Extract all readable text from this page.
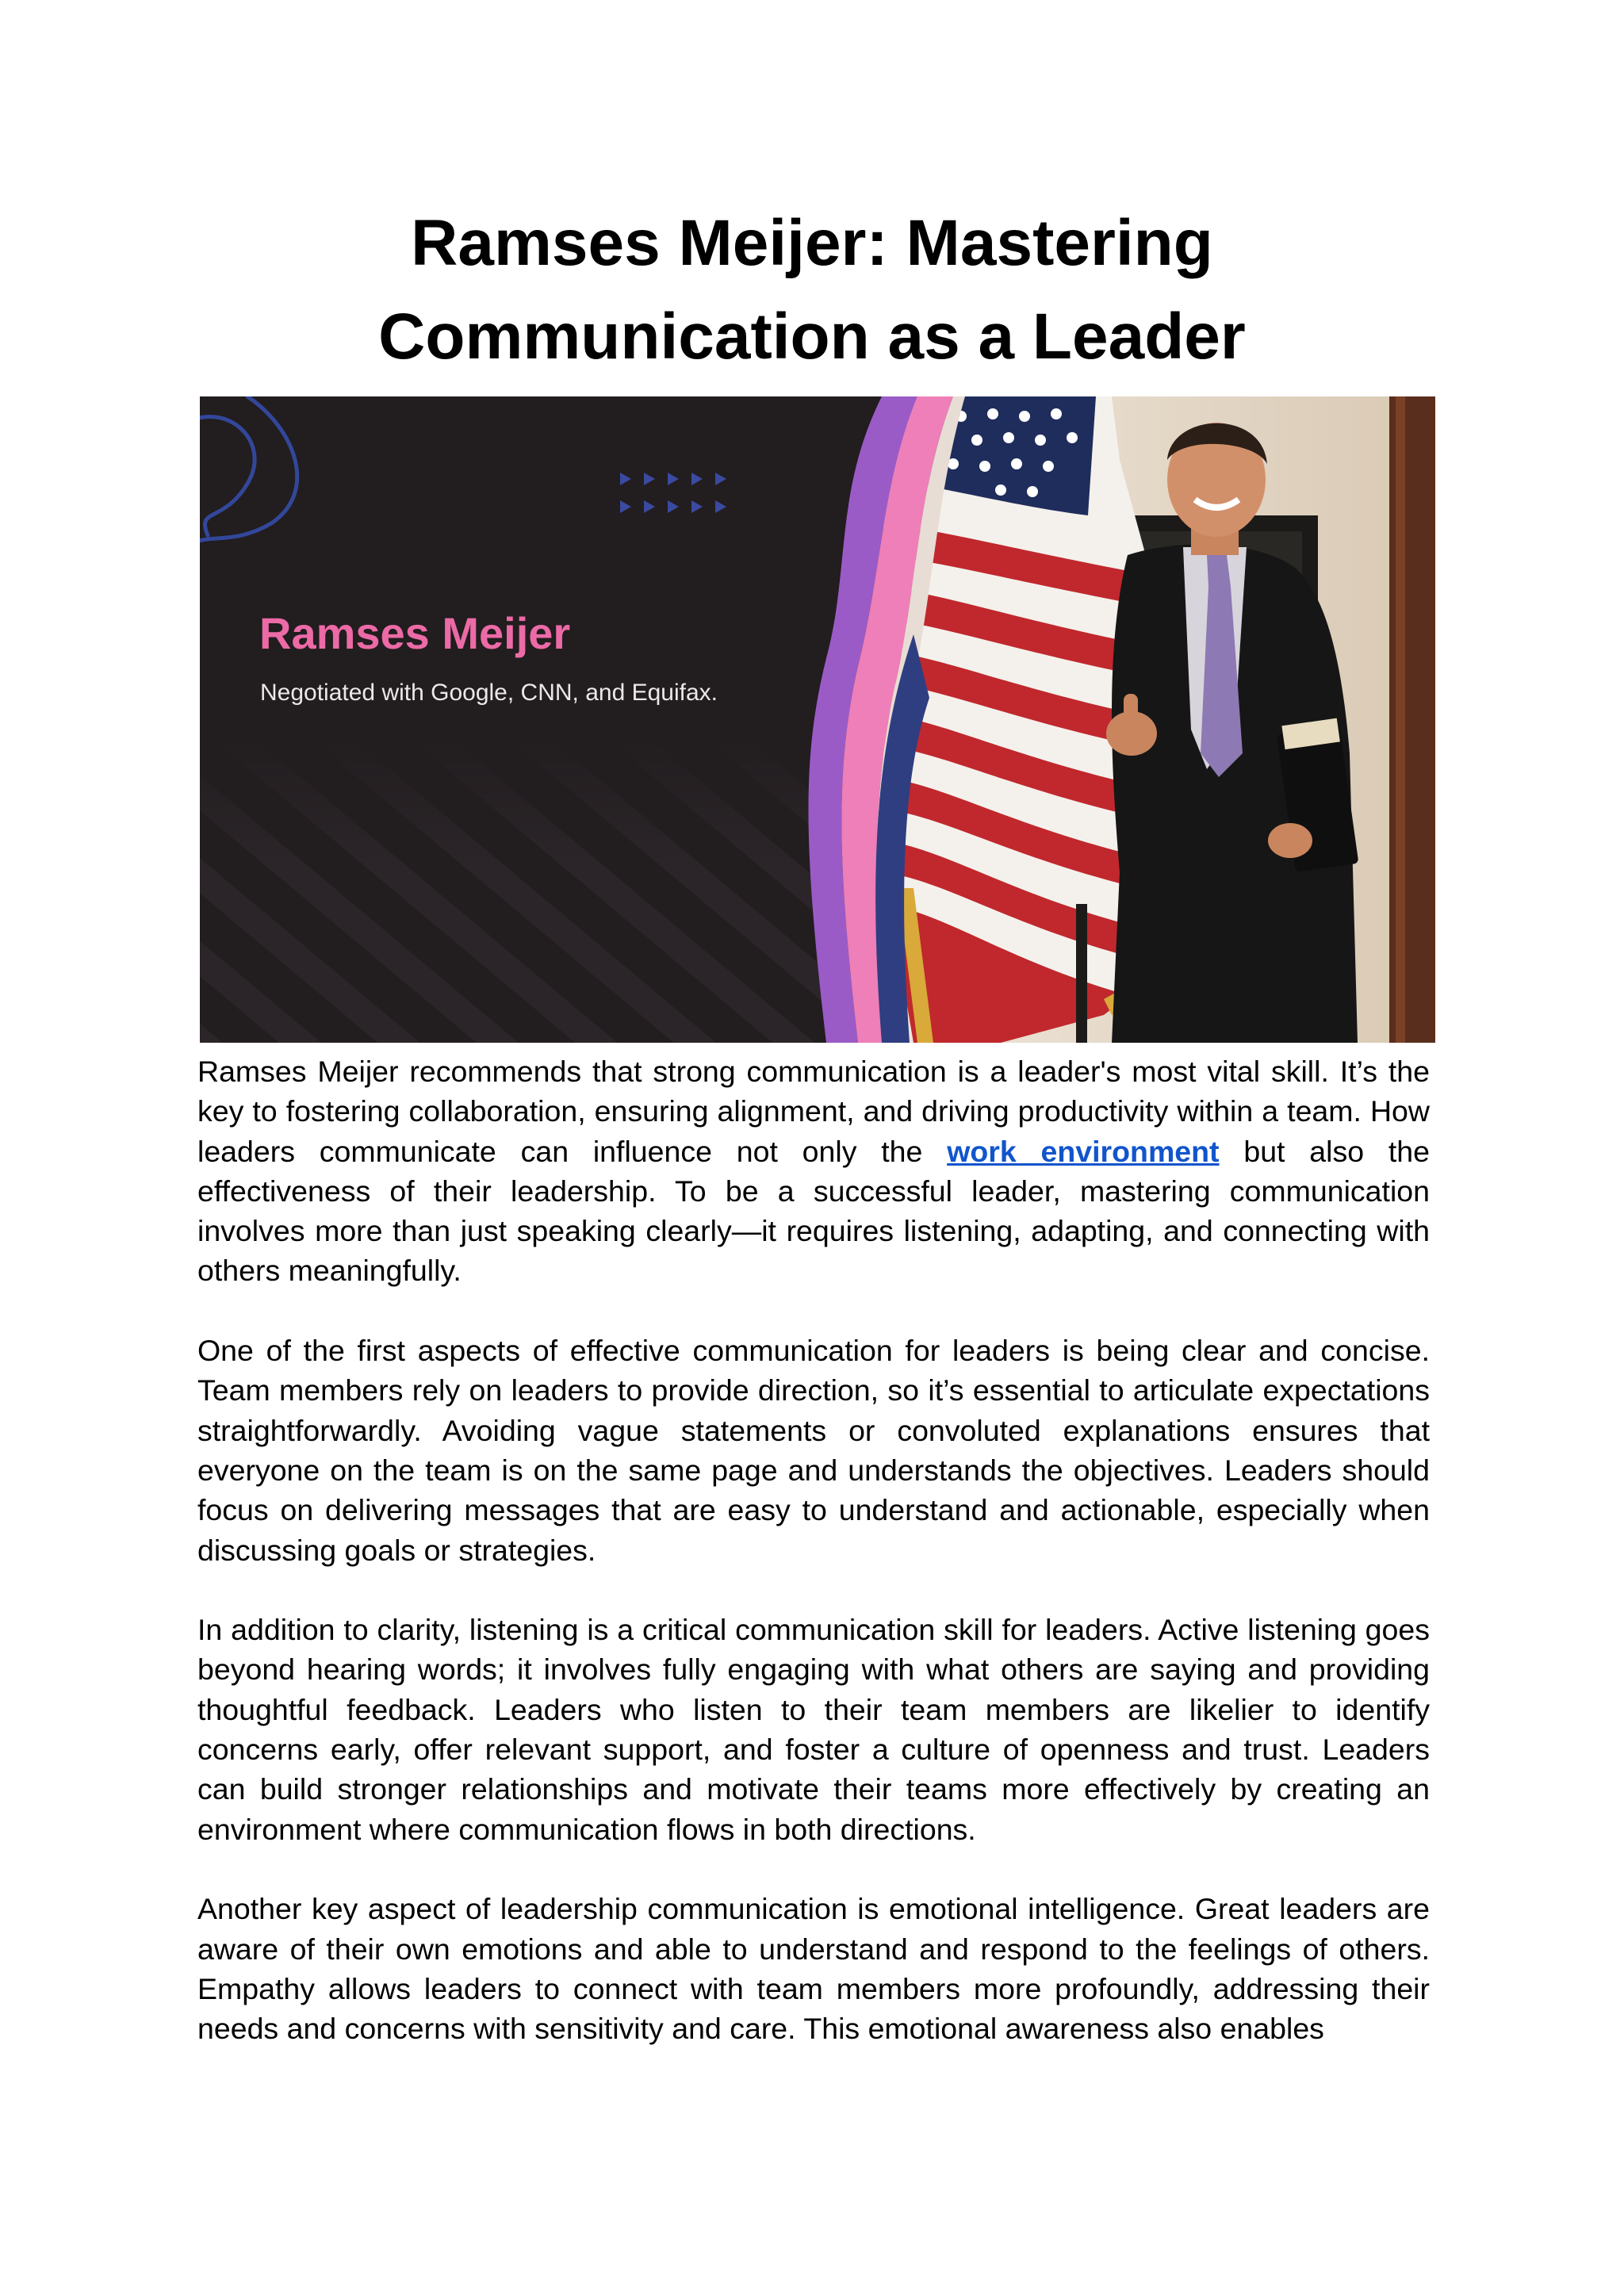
Ramses Meijer: Mastering
Communication as a Leader
Ramses Meijer
Negotiated with Google, CNN, and Equifax.

Ramses Meijer recommends that strong communication is a leader's most vital skill. It’s the key to fostering collaboration, ensuring alignment, and driving productivity within a team. How leaders communicate can influence not only the work environment but also the effectiveness of their leadership. To be a successful leader, mastering communication involves more than just speaking clearly—it requires listening, adapting, and connecting with others meaningfully.

One of the first aspects of effective communication for leaders is being clear and concise. Team members rely on leaders to provide direction, so it’s essential to articulate expectations straightforwardly. Avoiding vague statements or convoluted explanations ensures that everyone on the team is on the same page and understands the objectives. Leaders should focus on delivering messages that are easy to understand and actionable, especially when discussing goals or strategies.

In addition to clarity, listening is a critical communication skill for leaders. Active listening goes beyond hearing words; it involves fully engaging with what others are saying and providing thoughtful feedback. Leaders who listen to their team members are likelier to identify concerns early, offer relevant support, and foster a culture of openness and trust. Leaders can build stronger relationships and motivate their teams more effectively by creating an environment where communication flows in both directions.

Another key aspect of leadership communication is emotional intelligence. Great leaders are aware of their own emotions and able to understand and respond to the feelings of others. Empathy allows leaders to connect with team members more profoundly, addressing their needs and concerns with sensitivity and care. This emotional awareness also enables
